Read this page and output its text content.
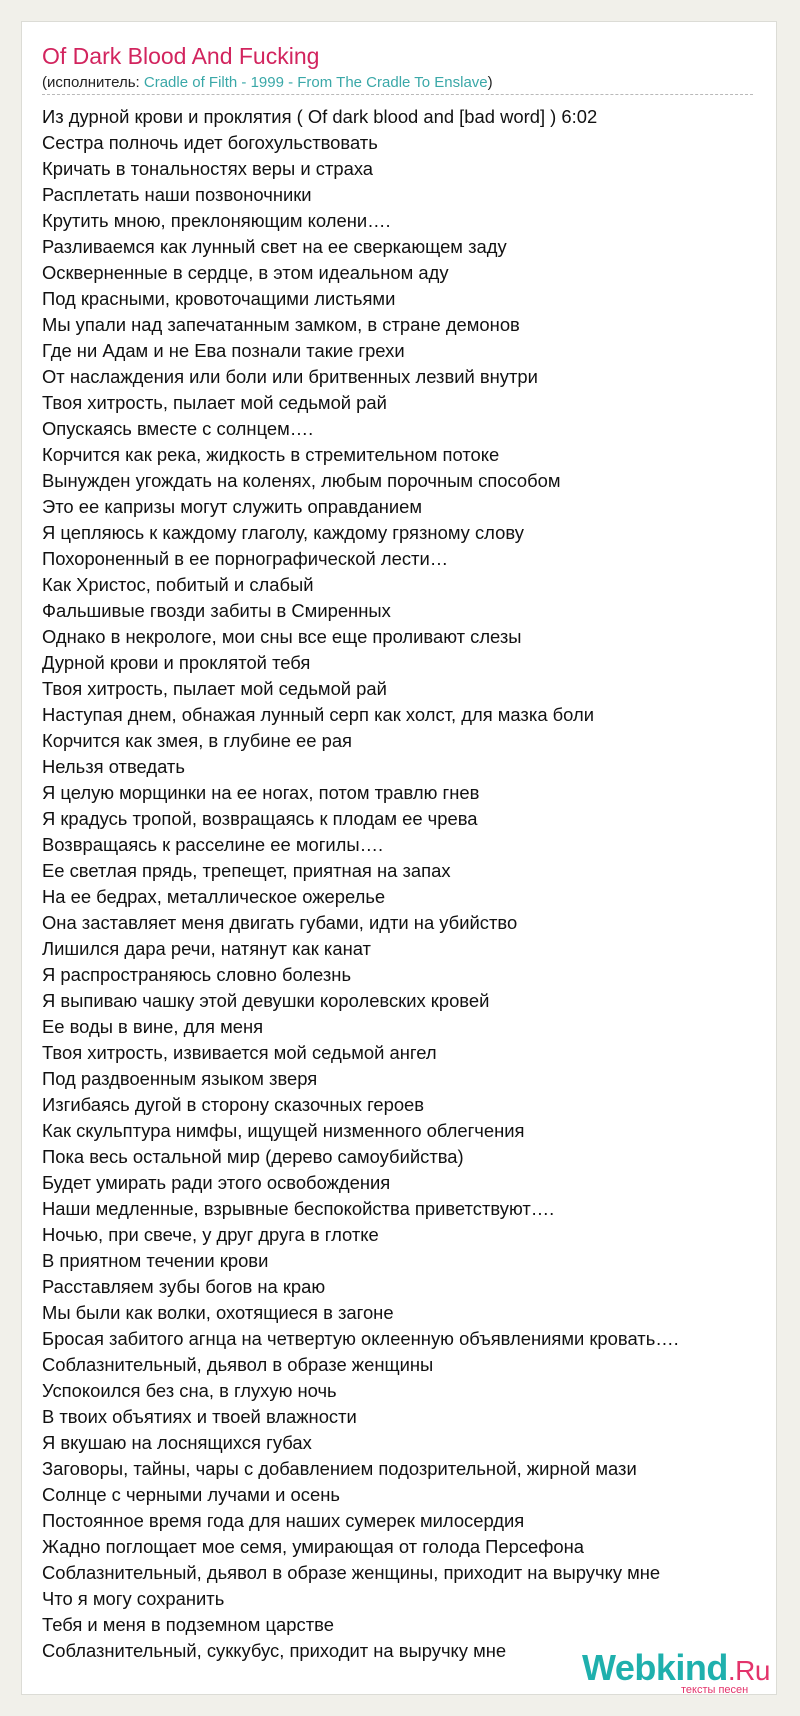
Of Dark Blood And Fucking
(исполнитель: Cradle of Filth - 1999 - From The Cradle To Enslave)
Из дурной крови и проклятия ( Of dark blood and [bad word] ) 6:02
Сестра полночь идет богохульствовать
Кричать в тональностях веры и страха
Расплетать наши позвоночники
Крутить мною, преклоняющим колени….
Разливаемся как лунный свет на ее сверкающем заду
Оскверненные в сердце, в этом идеальном аду
Под красными, кровоточащими листьями
Мы упали над запечатанным замком, в стране демонов
Где ни Адам и не Ева познали такие грехи
От наслаждения или боли или бритвенных лезвий внутри
Твоя хитрость, пылает мой седьмой рай
Опускаясь вместе с солнцем….
Корчится как река, жидкость в стремительном потоке
Вынужден угождать на коленях, любым порочным способом
Это ее капризы могут служить оправданием
Я цепляюсь к каждому глаголу, каждому грязному слову
Похороненный в ее порнографической лести…
Как Христос, побитый и слабый
Фальшивые гвозди забиты в Смиренных
Однако в некрологе, мои сны все еще проливают слезы
Дурной крови и проклятой тебя
Твоя хитрость, пылает мой седьмой рай
Наступая днем, обнажая лунный серп как холст, для мазка боли
Корчится как змея, в глубине ее рая
Нельзя отведать
Я целую морщинки на ее ногах, потом травлю гнев
Я крадусь тропой, возвращаясь к плодам ее чрева
Возвращаясь к расселине ее могилы….
Ее светлая прядь, трепещет, приятная на запах
На ее бедрах, металлическое ожерелье
Она заставляет меня двигать губами, идти на убийство
Лишился дара речи, натянут как канат
Я распространяюсь словно болезнь
Я выпиваю чашку этой девушки королевских кровей
Ее воды в вине, для меня
Твоя хитрость, извивается мой седьмой ангел
Под раздвоенным языком зверя
Изгибаясь дугой в сторону сказочных героев
Как скульптура нимфы, ищущей низменного облегчения
Пока весь остальной мир (дерево самоубийства)
Будет умирать ради этого освобождения
Наши медленные, взрывные беспокойства приветствуют….
Ночью, при свече, у друг друга в глотке
В приятном течении крови
Расставляем зубы богов на краю
Мы были как волки, охотящиеся в загоне
Бросая забитого агнца на четвертую оклеенную объявлениями кровать….
Соблазнительный, дьявол в образе женщины
Успокоился без сна, в глухую ночь
В твоих объятиях и твоей влажности
Я вкушаю на лоснящихся губах
Заговоры, тайны, чары с добавлением подозрительной, жирной мази
Солнце с черными лучами и осень
Постоянное время года для наших сумерек милосердия
Жадно поглощает мое семя, умирающая от голода Персефона
Соблазнительный, дьявол в образе женщины, приходит на выручку мне
Что я могу сохранить
Тебя и меня в подземном царстве
Соблазнительный, суккубус, приходит на выручку мне	Webkind.Ru
тексты песен
